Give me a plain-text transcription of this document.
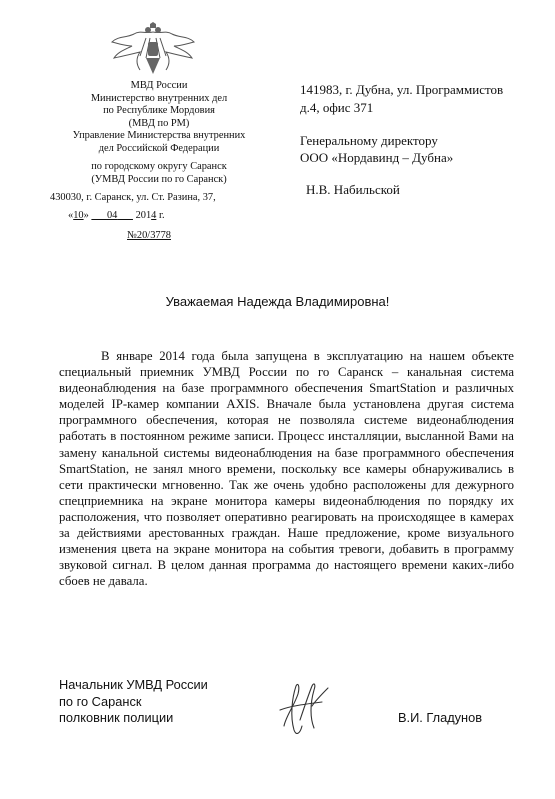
МВД России
Министерство внутренних дел
по Республике Мордовия
(МВД по РМ)
Управление Министерства внутренних
дел Российской Федерации
по городскому округу Саранск
(УМВД России по го Саранск)
430030, г. Саранск, ул. Ст. Разина, 37,
«10»       04       2014 г.
№20/3778
141983, г. Дубна, ул. Программистов
д.4, офис 371
Генеральному директору
ООО «Нордавинд – Дубна»
Н.В. Набильской
Уважаемая Надежда Владимировна!

В январе 2014 года была запущена в эксплуатацию на нашем объекте специальный приемник УМВД России по го Саранск – канальная система видеонаблюдения на базе программного обеспечения SmartStation и различных моделей IP-камер компании AXIS. Вначале была установлена другая система программного обеспечения, которая не позволяла системе видеонаблюдения работать в постоянном режиме записи. Процесс инсталляции, высланной Вами на замену канальной системы видеонаблюдения на базе программного обеспечения SmartStation, не занял много времени, поскольку все камеры обнаруживались в сети практически мгновенно. Так же очень удобно расположены для дежурного спецприемника на экране монитора камеры видеонаблюдения по порядку их расположения, что позволяет оперативно реагировать на происходящее в камерах за действиями арестованных граждан. Наше предложение, кроме визуального изменения цвета на экране монитора на события тревоги, добавить в программу звуковой сигнал. В целом данная программа до настоящего времени каких-либо сбоев не давала.

Начальник УМВД России
по го Саранск
полковник полиции	В.И. Гладунов
